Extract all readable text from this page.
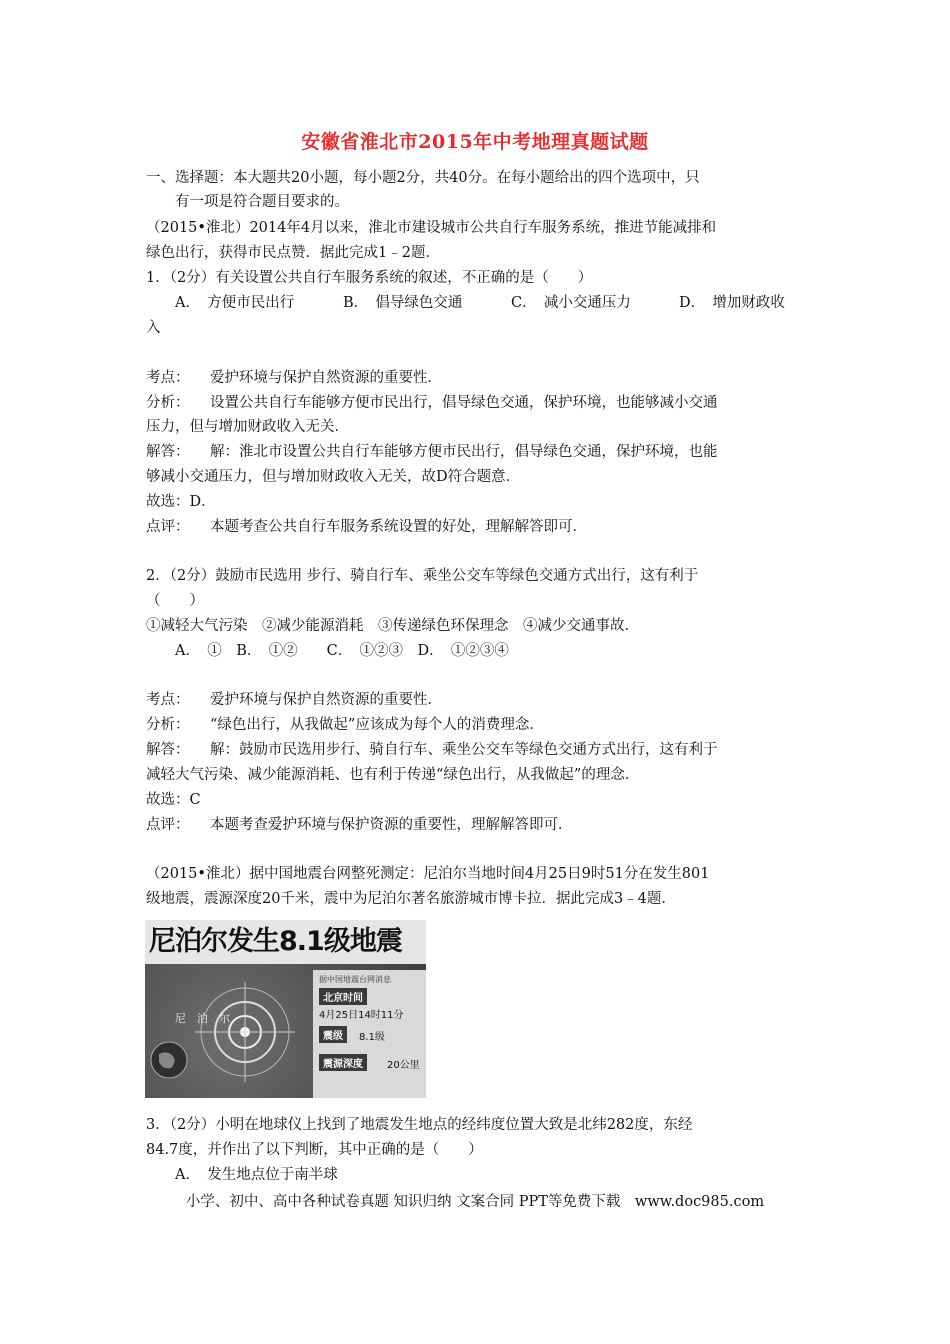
安徽省淮北市2015年中考地理真题试题
一、选择题：本大题共20小题，每小题2分，共40分。在每小题给出的四个选项中，只
有一项是符合题目要求的。
（2015•淮北）2014年4月以来，淮北市建设城市公共自行车服务系统，推进节能减排和
绿色出行，获得市民点赞．据此完成1﹣2题．
1．（2分）有关设置公共自行车服务系统的叙述，不正确的是（　　）
A．　方便市民出行	B．　倡导绿色交通	C．　减小交通压力	D．　增加财政收
入
考点： 爱护环境与保护自然资源的重要性．
分析： 设置公共自行车能够方便市民出行，倡导绿色交通，保护环境，也能够减小交通
压力，但与增加财政收入无关．
解答： 解：淮北市设置公共自行车能够方便市民出行，倡导绿色交通，保护环境，也能
够减小交通压力，但与增加财政收入无关，故D符合题意．
故选：D．
点评： 本题考查公共自行车服务系统设置的好处，理解解答即可．
2．（2分）鼓励市民选用 步行、骑自行车、乘坐公交车等绿色交通方式出行，这有利于
（　　）
①减轻大气污染　②减少能源消耗　③传递绿色环保理念　④减少交通事故．
A．　①　B．　①②　　C．　①②③　D．　①②③④
考点： 爱护环境与保护自然资源的重要性．
分析： “绿色出行，从我做起”应该成为每个人的消费理念．
解答： 解：鼓励市民选用步行、骑自行车、乘坐公交车等绿色交通方式出行，这有利于
减轻大气污染、减少能源消耗、也有利于传递“绿色出行，从我做起”的理念．
故选：C
点评： 本题考查爱护环境与保护资源的重要性，理解解答即可．
（2015•淮北）据中国地震台网整死测定：尼泊尔当地时间4月25日9时51分在发生801
级地震，震源深度20千米，震中为尼泊尔著名旅游城市博卡拉．据此完成3﹣4题．
尼泊尔发生8.1级地震
尼　泊　尔
据中国地震台网消息
北京时间
4月25日14时11分
震级	8.1级
震源深度	20公里
3．（2分）小明在地球仪上找到了地震发生地点的经纬度位置大致是北纬282度，东经
84.7度，并作出了以下判断，其中正确的是（　　）
A．　发生地点位于南半球
小学、初中、高中各种试卷真题 知识归纳 文案合同 PPT等免费下载　www.doc985.com
